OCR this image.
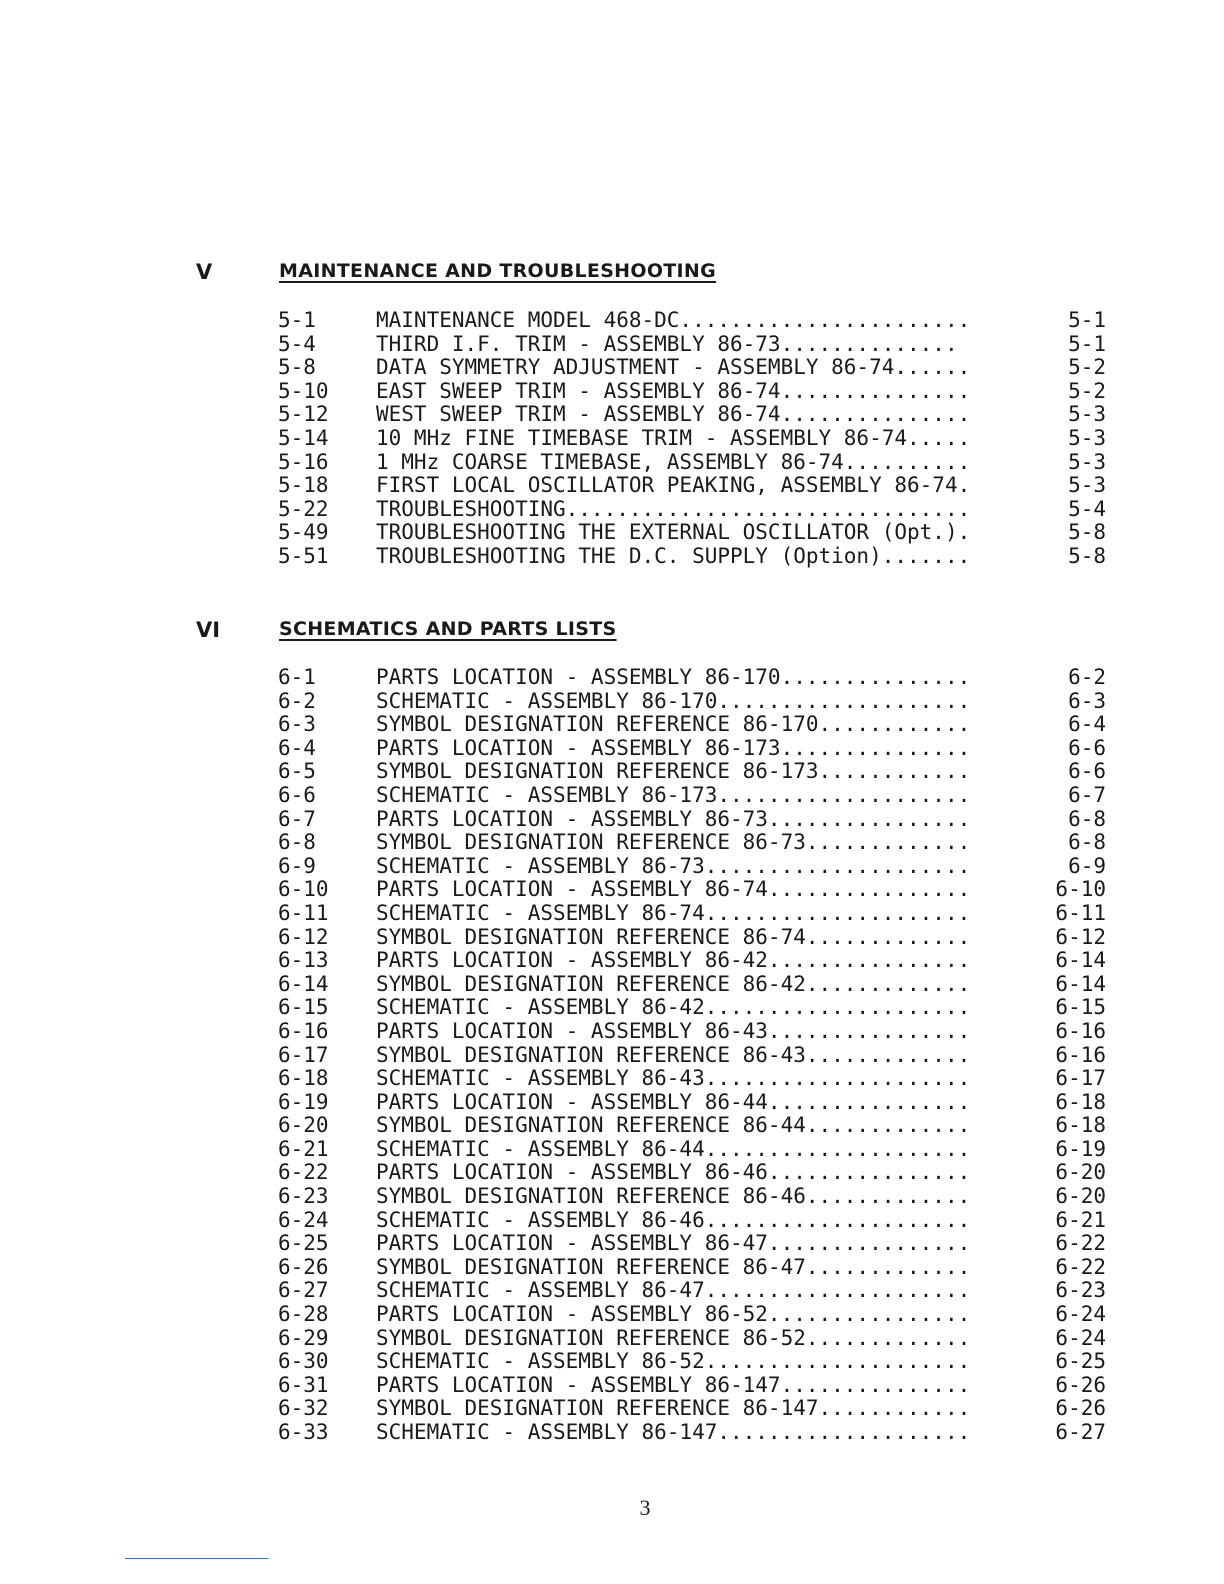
V	MAINTENANCE AND TROUBLESHOOTING
5-1	MAINTENANCE MODEL 468-DC.......................	5-1
5-4	THIRD I.F. TRIM - ASSEMBLY 86-73..............	5-1
5-8	DATA SYMMETRY ADJUSTMENT - ASSEMBLY 86-74......	5-2
5-10 EAST SWEEP TRIM - ASSEMBLY 86-74...............	5-2
5-12 WEST SWEEP TRIM - ASSEMBLY 86-74...............	5-3
5-14 10 MHz FINE TIMEBASE TRIM - ASSEMBLY 86-74.....	5-3
5-16 1 MHz COARSE TIMEBASE, ASSEMBLY 86-74..........	5-3
5-18 FIRST LOCAL OSCILLATOR PEAKING, ASSEMBLY 86-74.	5-3
5-22 TROUBLESHOOTING................................	5-4
5-49 TROUBLESHOOTING THE EXTERNAL OSCILLATOR (Opt.).	5-8
5-51 TROUBLESHOOTING THE D.C. SUPPLY (Option).......	5-8
VI	SCHEMATICS AND PARTS LISTS
6-1	PARTS LOCATION - ASSEMBLY 86-170...............	6-2
6-2	SCHEMATIC - ASSEMBLY 86-170....................	6-3
6-3	SYMBOL DESIGNATION REFERENCE 86-170............	6-4
6-4	PARTS LOCATION - ASSEMBLY 86-173...............	6-6
6-5	SYMBOL DESIGNATION REFERENCE 86-173............	6-6
6-6	SCHEMATIC - ASSEMBLY 86-173....................	6-7
6-7	PARTS LOCATION - ASSEMBLY 86-73................	6-8
6-8	SYMBOL DESIGNATION REFERENCE 86-73.............	6-8
6-9	SCHEMATIC - ASSEMBLY 86-73.....................	6-9
6-10 PARTS LOCATION - ASSEMBLY 86-74................	6-10
6-11 SCHEMATIC - ASSEMBLY 86-74.....................	6-11
6-12 SYMBOL DESIGNATION REFERENCE 86-74.............	6-12
6-13 PARTS LOCATION - ASSEMBLY 86-42................	6-14
6-14 SYMBOL DESIGNATION REFERENCE 86-42.............	6-14
6-15 SCHEMATIC - ASSEMBLY 86-42.....................	6-15
6-16 PARTS LOCATION - ASSEMBLY 86-43................	6-16
6-17 SYMBOL DESIGNATION REFERENCE 86-43.............	6-16
6-18 SCHEMATIC - ASSEMBLY 86-43.....................	6-17
6-19 PARTS LOCATION - ASSEMBLY 86-44................	6-18
6-20 SYMBOL DESIGNATION REFERENCE 86-44.............	6-18
6-21 SCHEMATIC - ASSEMBLY 86-44.....................	6-19
6-22 PARTS LOCATION - ASSEMBLY 86-46................	6-20
6-23 SYMBOL DESIGNATION REFERENCE 86-46.............	6-20
6-24 SCHEMATIC - ASSEMBLY 86-46.....................	6-21
6-25 PARTS LOCATION - ASSEMBLY 86-47................	6-22
6-26 SYMBOL DESIGNATION REFERENCE 86-47.............	6-22
6-27 SCHEMATIC - ASSEMBLY 86-47.....................	6-23
6-28 PARTS LOCATION - ASSEMBLY 86-52................	6-24
6-29 SYMBOL DESIGNATION REFERENCE 86-52.............	6-24
6-30 SCHEMATIC - ASSEMBLY 86-52.....................	6-25
6-31 PARTS LOCATION - ASSEMBLY 86-147...............	6-26
6-32 SYMBOL DESIGNATION REFERENCE 86-147............	6-26
6-33 SCHEMATIC - ASSEMBLY 86-147....................	6-27
3
